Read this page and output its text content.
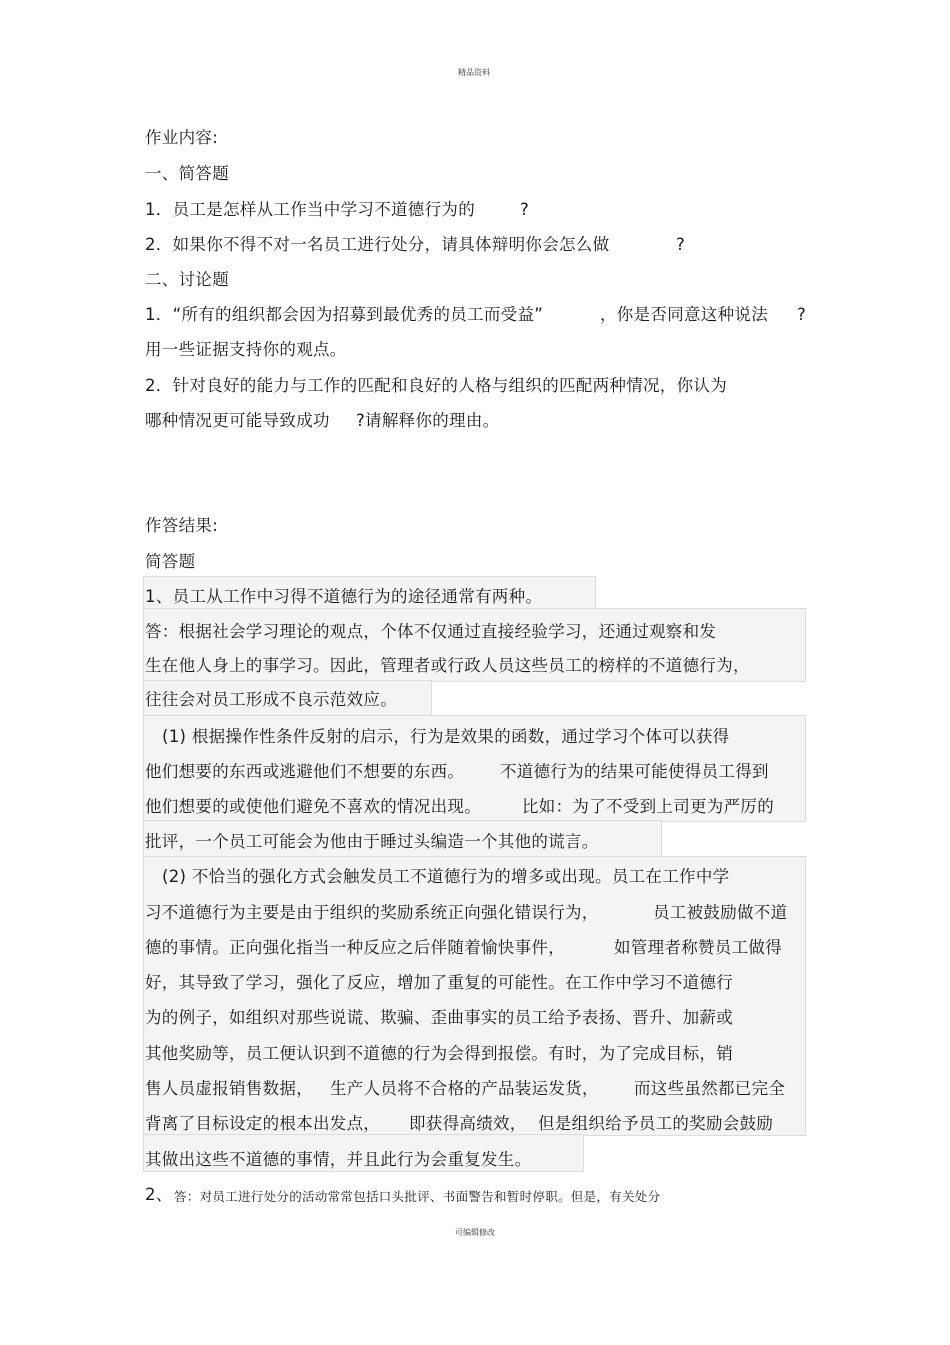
精品资料
可编辑修改
作业内容:
一、简答题
1．员工是怎样从工作当中学习不道德行为的	?
2．如果你不得不对一名员工进行处分，请具体辩明你会怎么做	?
二、讨论题
1．“所有的组织都会因为招募到最优秀的员工而受益”	，你是否同意这种说法 ?
用一些证据支持你的观点。
2．针对良好的能力与工作的匹配和良好的人格与组织的匹配两种情况，你认为
哪种情况更可能导致成功 ?请解释你的理由。
作答结果:
简答题
1、员工从工作中习得不道德行为的途径通常有两种。
答：根据社会学习理论的观点，个体不仅通过直接经验学习，还通过观察和发
生在他人身上的事学习。因此，管理者或行政人员这些员工的榜样的不道德行为，
往往会对员工形成不良示范效应。
(1) 根据操作性条件反射的启示，行为是效果的函数，通过学习个体可以获得
他们想要的东西或逃避他们不想要的东西。 不道德行为的结果可能使得员工得到
他们想要的或使他们避免不喜欢的情况出现。 比如：为了不受到上司更为严厉的
批评，一个员工可能会为他由于睡过头编造一个其他的谎言。
(2) 不恰当的强化方式会触发员工不道德行为的增多或出现。员工在工作中学
习不道德行为主要是由于组织的奖励系统正向强化错误行为，	员工被鼓励做不道
德的事情。正向强化指当一种反应之后伴随着愉快事件，	如管理者称赞员工做得
好，其导致了学习，强化了反应，增加了重复的可能性。在工作中学习不道德行
为的例子，如组织对那些说谎、欺骗、歪曲事实的员工给予表扬、晋升、加薪或
其他奖励等，员工便认识到不道德的行为会得到报偿。有时，为了完成目标，销
售人员虚报销售数据， 生产人员将不合格的产品装运发货， 而这些虽然都已完全
背离了目标设定的根本出发点， 即获得高绩效， 但是组织给予员工的奖励会鼓励
其做出这些不道德的事情，并且此行为会重复发生。
2、 答：对员工进行处分的活动常常包括口头批评、书面警告和暂时停职。但是，有关处分
